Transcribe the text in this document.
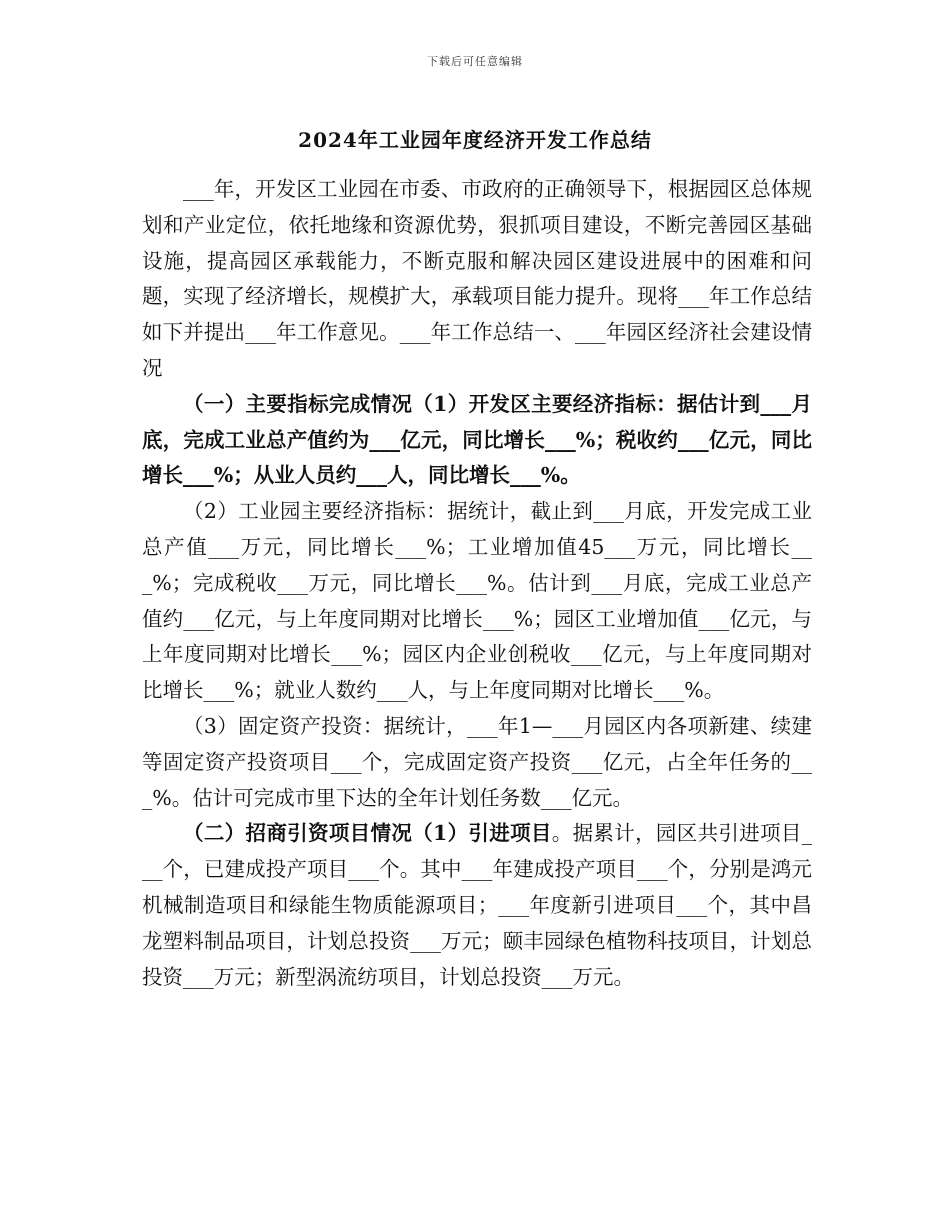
下载后可任意编辑
2024年工业园年度经济开发工作总结

___年，开发区工业园在市委、市政府的正确领导下，根据园区总体规划和产业定位，依托地缘和资源优势，狠抓项目建设，不断完善园区基础设施，提高园区承载能力，不断克服和解决园区建设进展中的困难和问题，实现了经济增长，规模扩大，承载项目能力提升。现将___年工作总结如下并提出___年工作意见。___年工作总结一、___年园区经济社会建设情况

（一）主要指标完成情况（1）开发区主要经济指标：据估计到___月底，完成工业总产值约为___亿元，同比增长___%；税收约___亿元，同比增长___%；从业人员约___人，同比增长___%。

（2）工业园主要经济指标：据统计，截止到___月底，开发完成工业总产值___万元，同比增长___%；工业增加值45___万元，同比增长___%；完成税收___万元，同比增长___%。估计到___月底，完成工业总产值约___亿元，与上年度同期对比增长___%；园区工业增加值___亿元，与上年度同期对比增长___%；园区内企业创税收___亿元，与上年度同期对比增长___%；就业人数约___人，与上年度同期对比增长___%。

（3）固定资产投资：据统计，___年1—___月园区内各项新建、续建等固定资产投资项目___个，完成固定资产投资___亿元，占全年任务的___%。估计可完成市里下达的全年计划任务数___亿元。

（二）招商引资项目情况（1）引进项目。据累计，园区共引进项目___个，已建成投产项目___个。其中___年建成投产项目___个，分别是鸿元机械制造项目和绿能生物质能源项目；___年度新引进项目___个，其中昌龙塑料制品项目，计划总投资___万元；颐丰园绿色植物科技项目，计划总投资___万元；新型涡流纺项目，计划总投资___万元。
